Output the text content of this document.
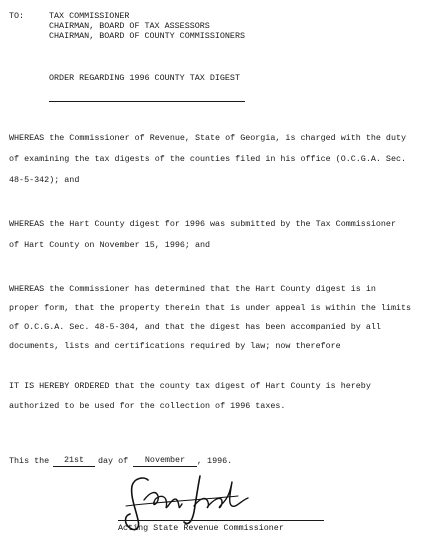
TO:	TAX COMMISSIONER
CHAIRMAN, BOARD OF TAX ASSESSORS
CHAIRMAN, BOARD OF COUNTY COMMISSIONERS
ORDER REGARDING 1996 COUNTY TAX DIGEST
WHEREAS the Commissioner of Revenue, State of Georgia, is charged with the duty
of examining the tax digests of the counties filed in his office (O.C.G.A. Sec.
48-5-342); and
WHEREAS the Hart County digest for 1996 was submitted by the Tax Commissioner
of Hart County on November 15, 1996; and
WHEREAS the Commissioner has determined that the Hart County digest is in
proper form, that the property therein that is under appeal is within the limits
of O.C.G.A. Sec. 48-5-304, and that the digest has been accompanied by all
documents, lists and certifications required by law; now therefore
IT IS HEREBY ORDERED that the county tax digest of Hart County is hereby
authorized to be used for the collection of 1996 taxes.
This the	21st	day of	November	, 1996.
Acting State Revenue Commissioner
